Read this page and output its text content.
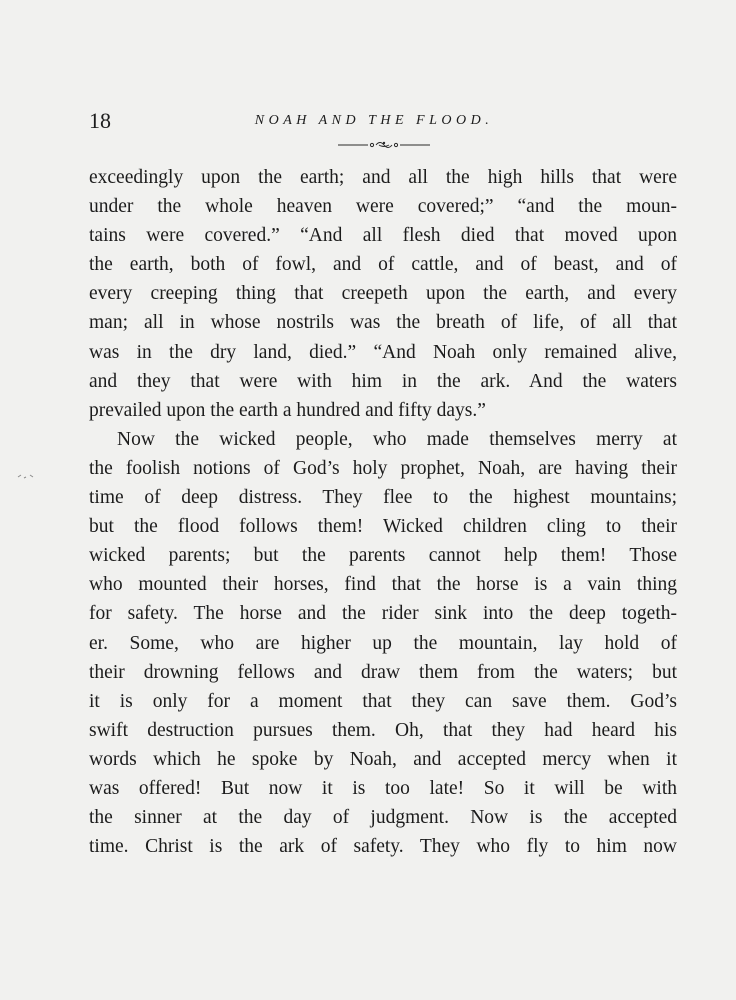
18	NOAH AND THE FLOOD.
exceedingly upon the earth; and all the high hills that were
under the whole heaven were covered;” “and the moun-
tains were covered.” “And all flesh died that moved upon
the earth, both of fowl, and of cattle, and of beast, and of
every creeping thing that creepeth upon the earth, and every
man; all in whose nostrils was the breath of life, of all that
was in the dry land, died.” “And Noah only remained alive,
and they that were with him in the ark. And the waters
prevailed upon the earth a hundred and fifty days.”
Now the wicked people, who made themselves merry at
the foolish notions of God’s holy prophet, Noah, are having their
time of deep distress. They flee to the highest mountains;
but the flood follows them! Wicked children cling to their
wicked parents; but the parents cannot help them! Those
who mounted their horses, find that the horse is a vain thing
for safety. The horse and the rider sink into the deep togeth-
er. Some, who are higher up the mountain, lay hold of
their drowning fellows and draw them from the waters; but
it is only for a moment that they can save them. God’s
swift destruction pursues them. Oh, that they had heard his
words which he spoke by Noah, and accepted mercy when it
was offered! But now it is too late! So it will be with
the sinner at the day of judgment. Now is the accepted
time. Christ is the ark of safety. They who fly to him now
